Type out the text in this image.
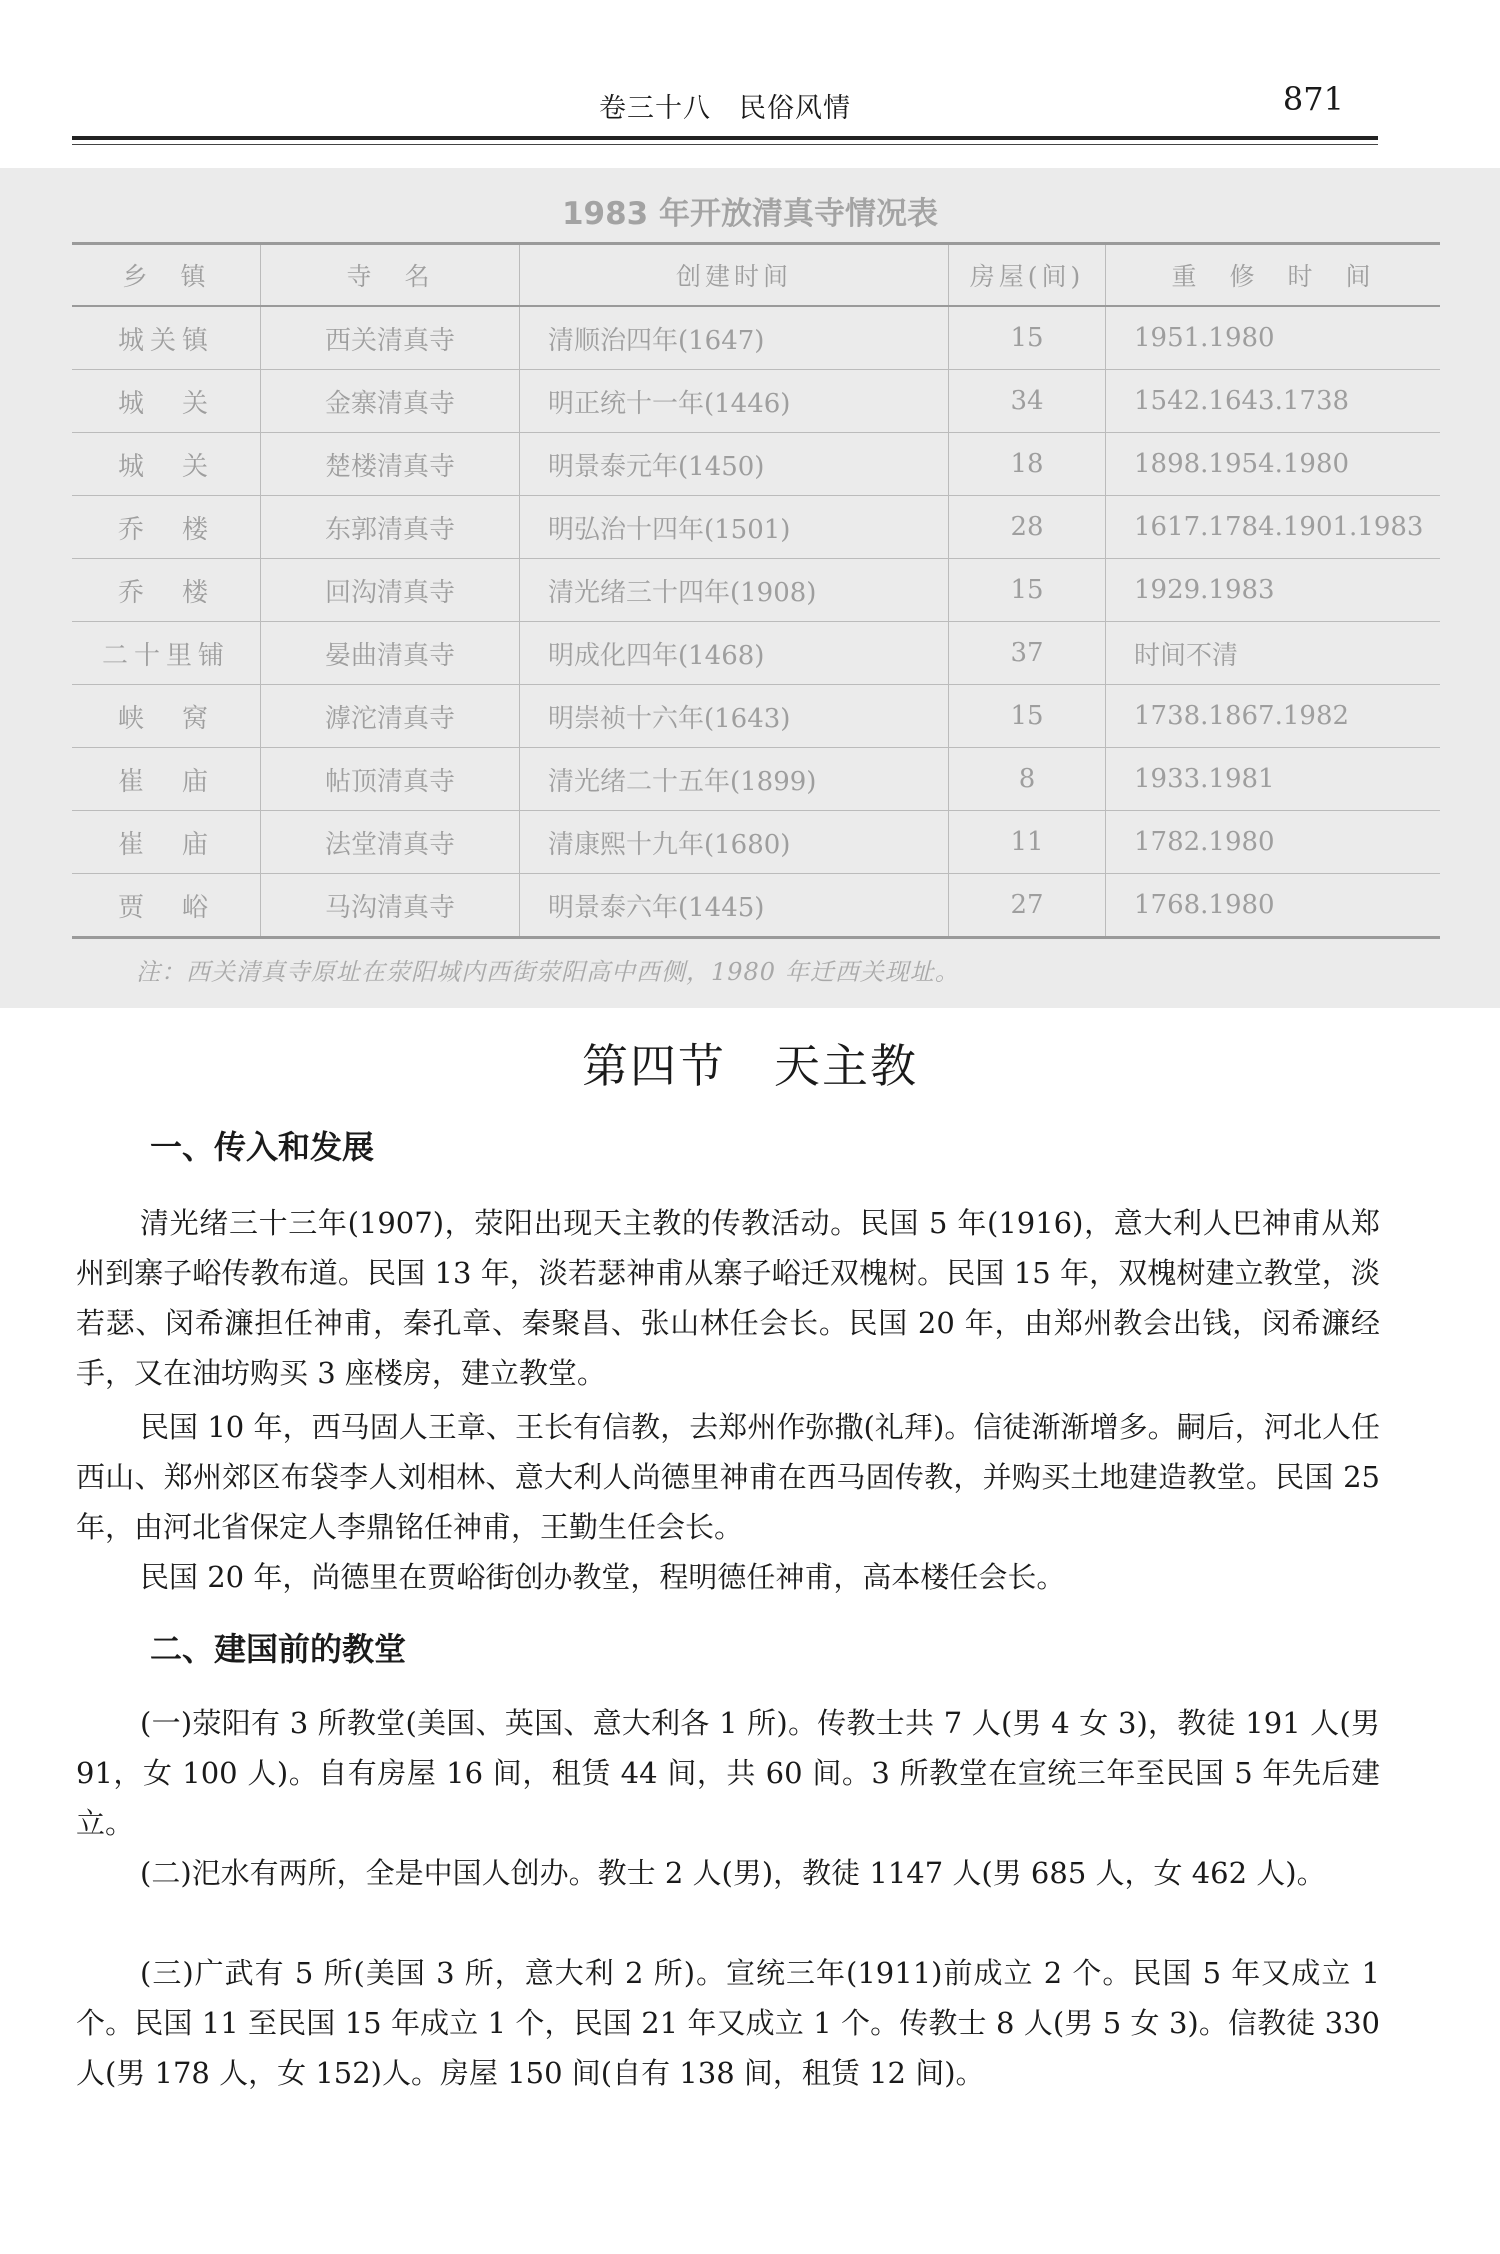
卷三十八　民俗风情	871
1983 年开放清真寺情况表
乡　镇	寺　名	创建时间	房屋(间)	重　修　时　间
城关镇	西关清真寺	清顺治四年(1647)	15	1951.1980
城　关	金寨清真寺	明正统十一年(1446)	34	1542.1643.1738
城　关	楚楼清真寺	明景泰元年(1450)	18	1898.1954.1980
乔　楼	东郭清真寺	明弘治十四年(1501)	28	1617.1784.1901.1983
乔　楼	回沟清真寺	清光绪三十四年(1908)	15	1929.1983
二十里铺	晏曲清真寺	明成化四年(1468)	37	时间不清
峡　窝	滹沱清真寺	明崇祯十六年(1643)	15	1738.1867.1982
崔　庙	帖顶清真寺	清光绪二十五年(1899)	8	1933.1981
崔　庙	法堂清真寺	清康熙十九年(1680)	11	1782.1980
贾　峪	马沟清真寺	明景泰六年(1445)	27	1768.1980
注：西关清真寺原址在荥阳城内西街荥阳高中西侧，1980 年迁西关现址。
第四节　天主教
一、传入和发展

清光绪三十三年(1907)，荥阳出现天主教的传教活动。民国 5 年(1916)，意大利人巴神甫从郑州到寨子峪传教布道。民国 13 年，淡若瑟神甫从寨子峪迁双槐树。民国 15 年，双槐树建立教堂，淡若瑟、闵希濂担任神甫，秦孔章、秦聚昌、张山林任会长。民国 20 年，由郑州教会出钱，闵希濂经手，又在油坊购买 3 座楼房，建立教堂。

民国 10 年，西马固人王章、王长有信教，去郑州作弥撒(礼拜)。信徒渐渐增多。嗣后，河北人任西山、郑州郊区布袋李人刘相林、意大利人尚德里神甫在西马固传教，并购买土地建造教堂。民国 25 年，由河北省保定人李鼎铭任神甫，王勤生任会长。

民国 20 年，尚德里在贾峪街创办教堂，程明德任神甫，高本楼任会长。

二、建国前的教堂

(一)荥阳有 3 所教堂(美国、英国、意大利各 1 所)。传教士共 7 人(男 4 女 3)，教徒 191 人(男 91，女 100 人)。自有房屋 16 间，租赁 44 间，共 60 间。3 所教堂在宣统三年至民国 5 年先后建立。

(二)汜水有两所，全是中国人创办。教士 2 人(男)，教徒 1147 人(男 685 人，女 462 人)。

(三)广武有 5 所(美国 3 所，意大利 2 所)。宣统三年(1911)前成立 2 个。民国 5 年又成立 1 个。民国 11 至民国 15 年成立 1 个，民国 21 年又成立 1 个。传教士 8 人(男 5 女 3)。信教徒 330 人(男 178 人，女 152)人。房屋 150 间(自有 138 间，租赁 12 间)。
